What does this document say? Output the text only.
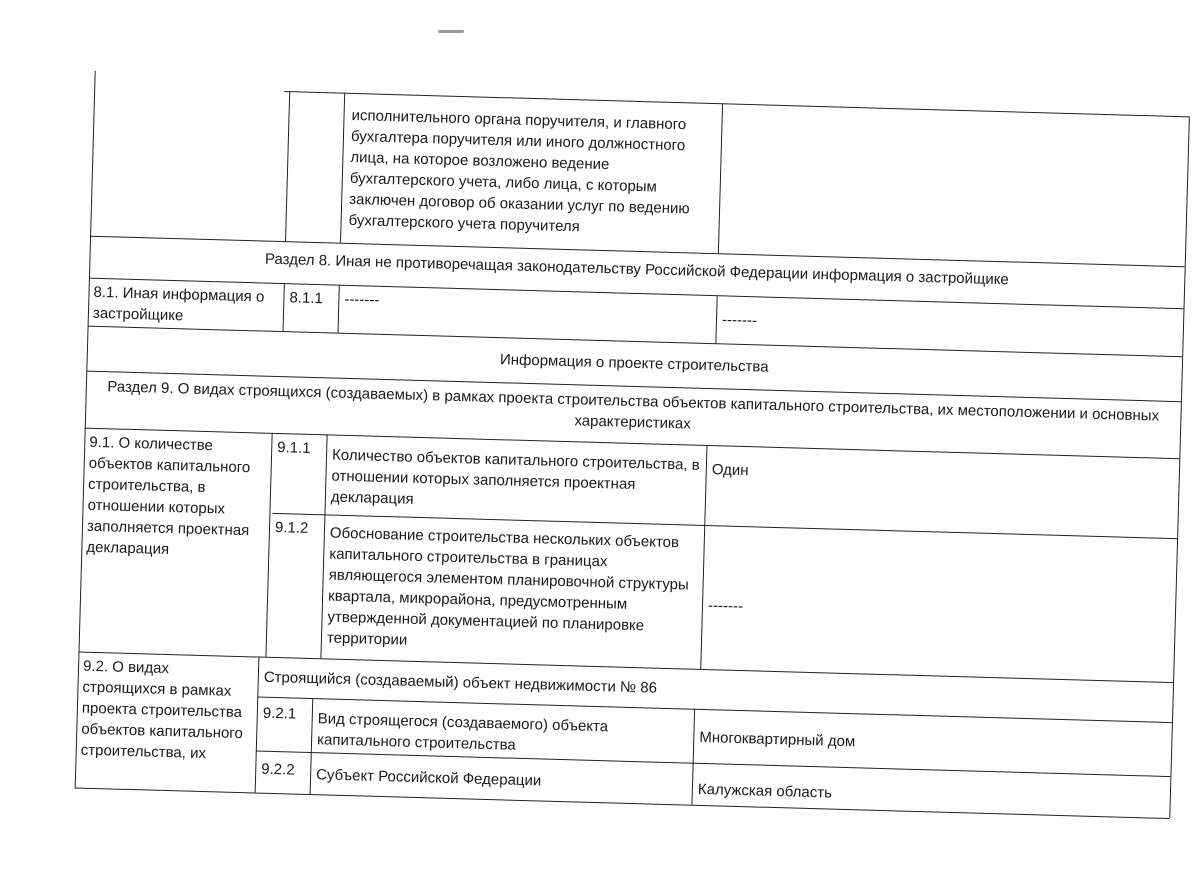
исполнительного органа поручителя, и главного бухгалтера поручителя или иного должностного лица, на которое возложено ведение бухгалтерского учета, либо лица, с которым заключен договор об оказании услуг по ведению бухгалтерского учета поручителя
Раздел 8. Иная не противоречащая законодательству Российской Федерации информация о застройщике
8.1. Иная информация о застройщике
8.1.1 -------
-------
Информация о проекте строительства
Раздел 9. О видах строящихся (создаваемых) в рамках проекта строительства объектов капитального строительства, их местоположении и основных характеристиках
9.1. О количестве объектов капитального строительства, в отношении которых заполняется проектная декларация
9.1.1 Количество объектов капитального строительства, в отношении которых заполняется проектная декларация
Один
9.1.2 Обоснование строительства нескольких объектов капитального строительства в границах являющегося элементом планировочной структуры квартала, микрорайона, предусмотренным утвержденной документацией по планировке территории
-------
9.2. О видах строящихся в рамках проекта строительства объектов капитального строительства, их
Строящийся (создаваемый) объект недвижимости № 86
9.2.1 Вид строящегося (создаваемого) объекта капитального строительства	Многоквартирный дом
9.2.2 Субъект Российской Федерации
Калужская область
